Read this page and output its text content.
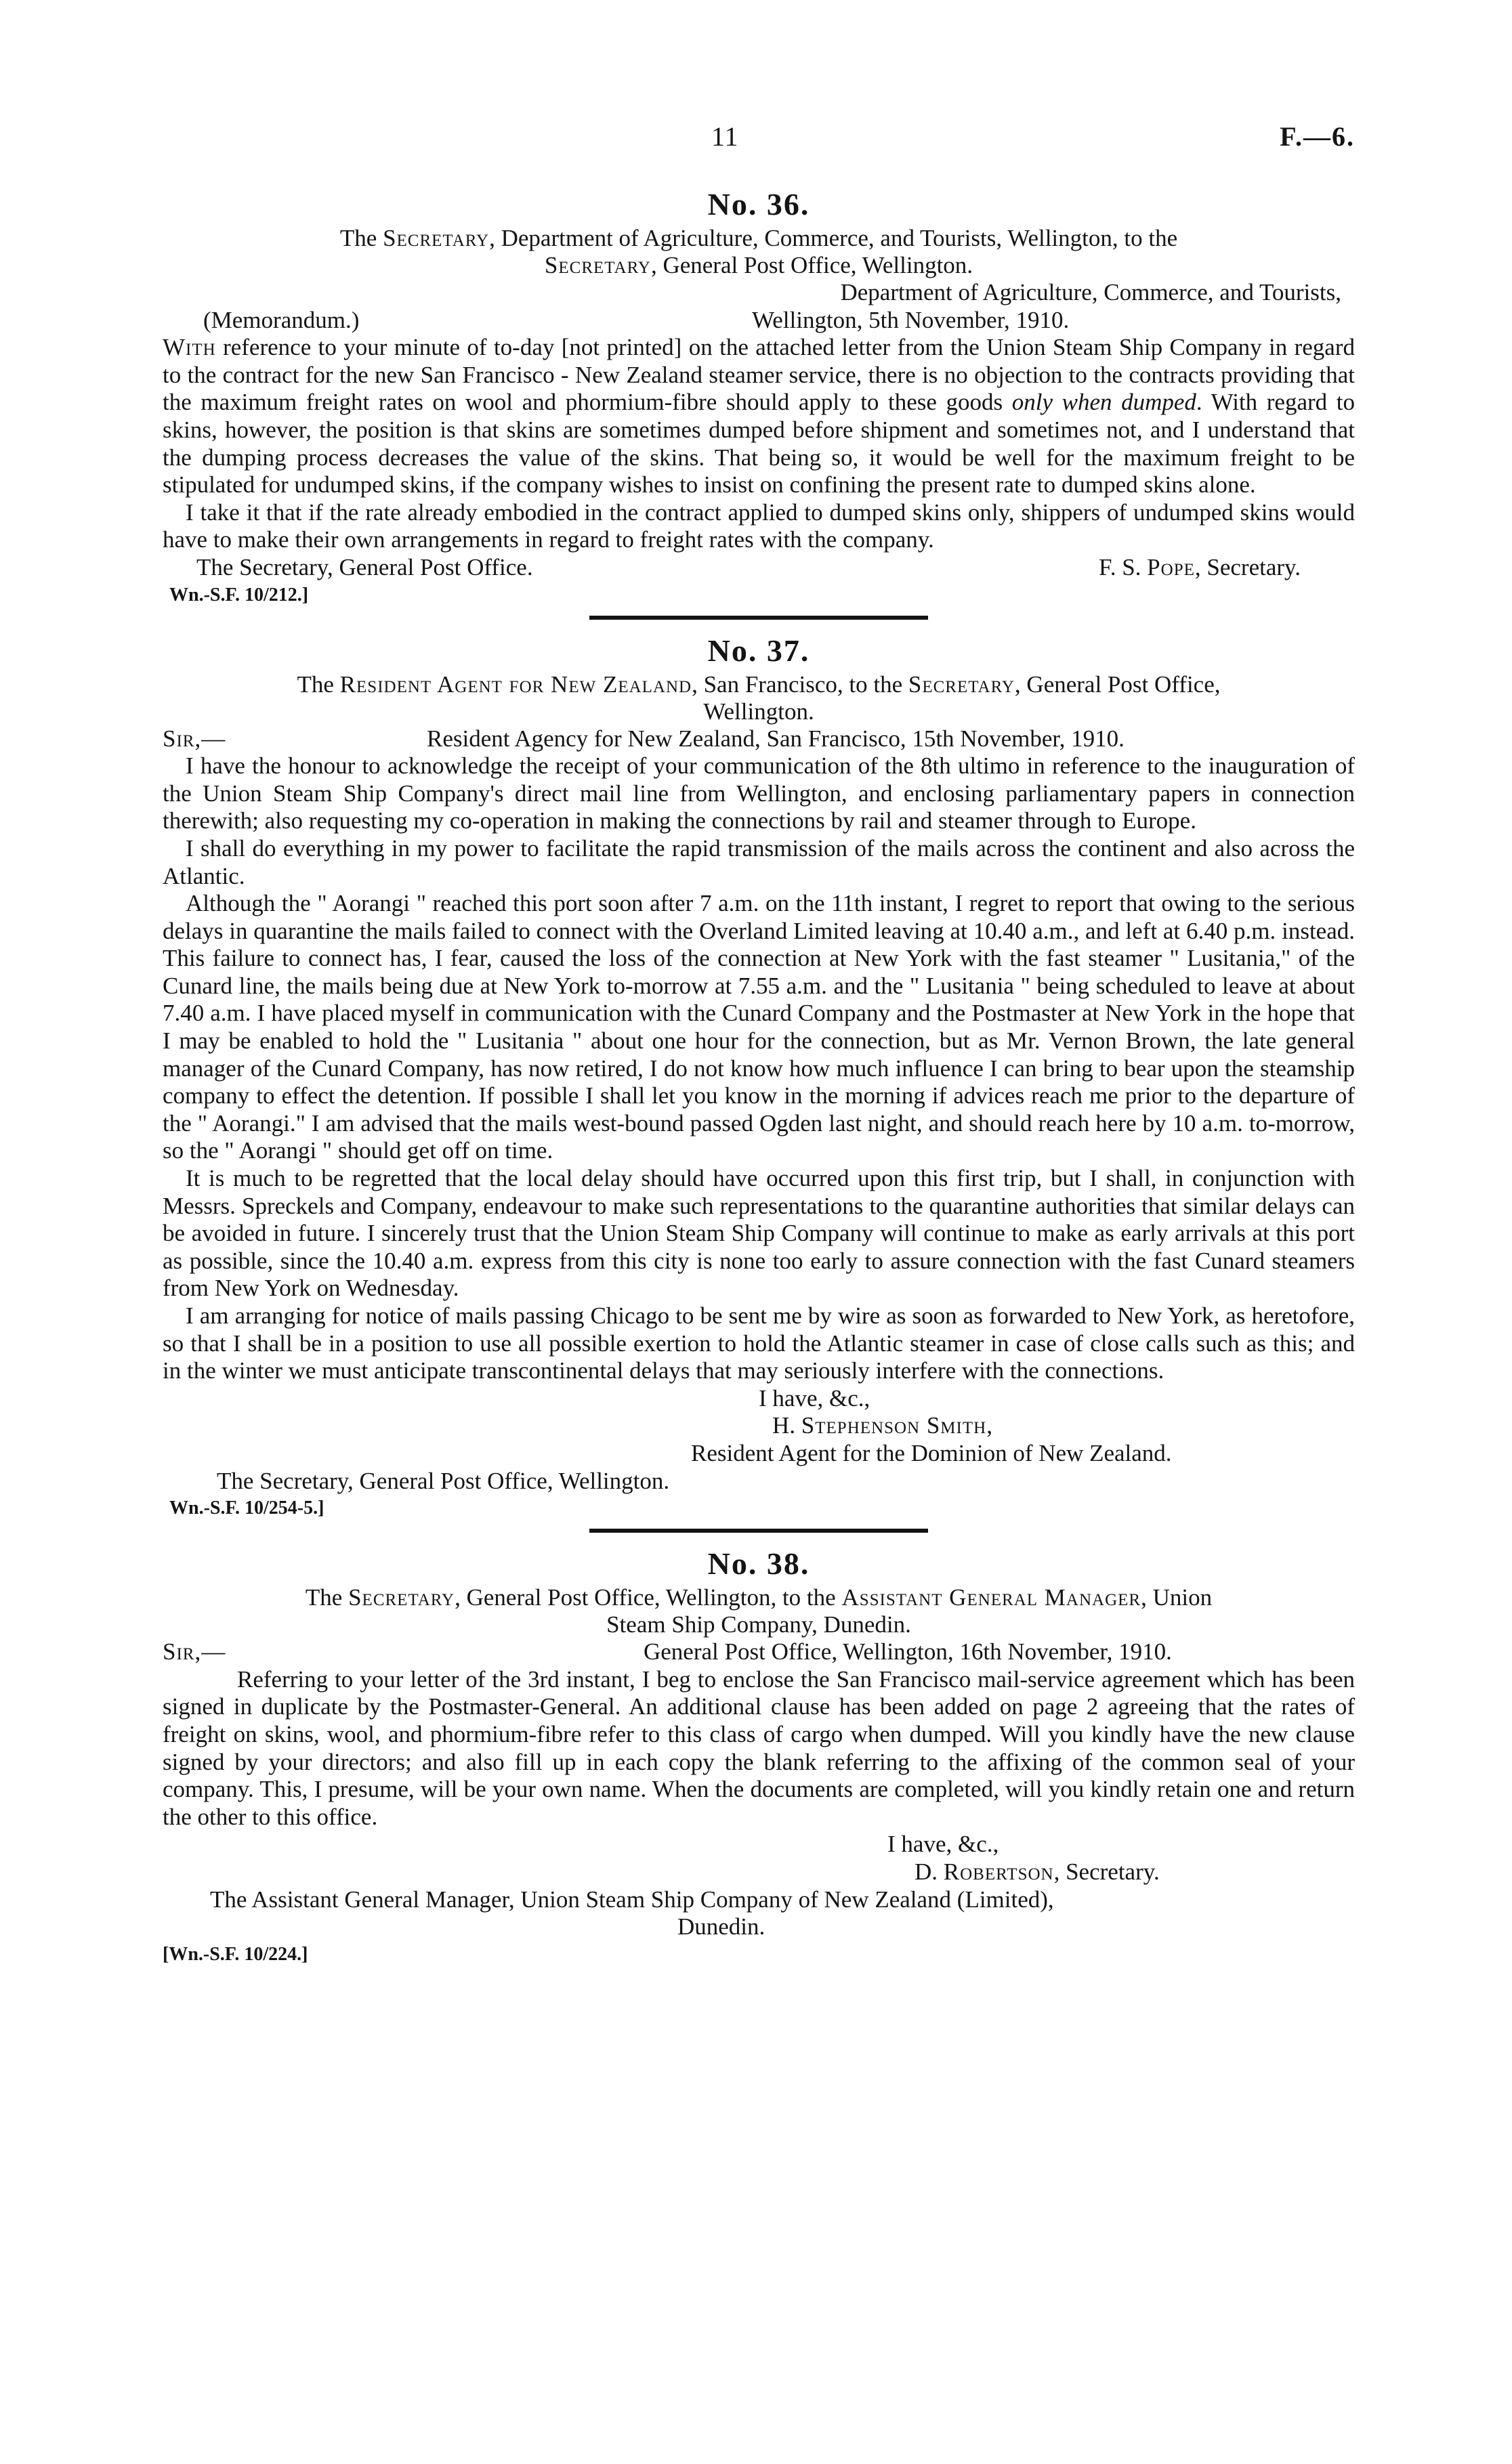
11	F.—6.
No. 36.
The Secretary, Department of Agriculture, Commerce, and Tourists, Wellington, to the
Secretary, General Post Office, Wellington.
Department of Agriculture, Commerce, and Tourists,
(Memorandum.)	Wellington, 5th November, 1910.

With reference to your minute of to-day [not printed] on the attached letter from the Union Steam Ship Company in regard to the contract for the new San Francisco - New Zealand steamer service, there is no objection to the contracts providing that the maximum freight rates on wool and phormium-fibre should apply to these goods only when dumped. With regard to skins, however, the position is that skins are sometimes dumped before shipment and sometimes not, and I understand that the dumping process decreases the value of the skins. That being so, it would be well for the maximum freight to be stipulated for undumped skins, if the company wishes to insist on confining the present rate to dumped skins alone.

I take it that if the rate already embodied in the contract applied to dumped skins only, shippers of undumped skins would have to make their own arrangements in regard to freight rates with the company.

The Secretary, General Post Office.	F. S. Pope, Secretary.
Wn.-S.F. 10/212.]
No. 37.
The Resident Agent for New Zealand, San Francisco, to the Secretary, General Post Office,
Wellington.
Sir,—	Resident Agency for New Zealand, San Francisco, 15th November, 1910.

I have the honour to acknowledge the receipt of your communication of the 8th ultimo in reference to the inauguration of the Union Steam Ship Company's direct mail line from Wellington, and enclosing parliamentary papers in connection therewith; also requesting my co-operation in making the connections by rail and steamer through to Europe.

I shall do everything in my power to facilitate the rapid transmission of the mails across the continent and also across the Atlantic.

Although the " Aorangi " reached this port soon after 7 a.m. on the 11th instant, I regret to report that owing to the serious delays in quarantine the mails failed to connect with the Overland Limited leaving at 10.40 a.m., and left at 6.40 p.m. instead. This failure to connect has, I fear, caused the loss of the connection at New York with the fast steamer " Lusitania," of the Cunard line, the mails being due at New York to-morrow at 7.55 a.m. and the " Lusitania " being scheduled to leave at about 7.40 a.m. I have placed myself in communication with the Cunard Company and the Postmaster at New York in the hope that I may be enabled to hold the " Lusitania " about one hour for the connection, but as Mr. Vernon Brown, the late general manager of the Cunard Company, has now retired, I do not know how much influence I can bring to bear upon the steamship company to effect the detention. If possible I shall let you know in the morning if advices reach me prior to the departure of the " Aorangi." I am advised that the mails west-bound passed Ogden last night, and should reach here by 10 a.m. to-morrow, so the " Aorangi " should get off on time.

It is much to be regretted that the local delay should have occurred upon this first trip, but I shall, in conjunction with Messrs. Spreckels and Company, endeavour to make such representations to the quarantine authorities that similar delays can be avoided in future. I sincerely trust that the Union Steam Ship Company will continue to make as early arrivals at this port as possible, since the 10.40 a.m. express from this city is none too early to assure connection with the fast Cunard steamers from New York on Wednesday.

I am arranging for notice of mails passing Chicago to be sent me by wire as soon as forwarded to New York, as heretofore, so that I shall be in a position to use all possible exertion to hold the Atlantic steamer in case of close calls such as this; and in the winter we must anticipate transcontinental delays that may seriously interfere with the connections.

I have, &c.,
H. Stephenson Smith,
Resident Agent for the Dominion of New Zealand.
The Secretary, General Post Office, Wellington.
Wn.-S.F. 10/254-5.]
No. 38.
The Secretary, General Post Office, Wellington, to the Assistant General Manager, Union
Steam Ship Company, Dunedin.
Sir,—	General Post Office, Wellington, 16th November, 1910.

Referring to your letter of the 3rd instant, I beg to enclose the San Francisco mail-service agreement which has been signed in duplicate by the Postmaster-General. An additional clause has been added on page 2 agreeing that the rates of freight on skins, wool, and phormium-fibre refer to this class of cargo when dumped. Will you kindly have the new clause signed by your directors; and also fill up in each copy the blank referring to the affixing of the common seal of your company. This, I presume, will be your own name. When the documents are completed, will you kindly retain one and return the other to this office.

I have, &c.,
D. Robertson, Secretary.
The Assistant General Manager, Union Steam Ship Company of New Zealand (Limited),
Dunedin.
[Wn.-S.F. 10/224.]
